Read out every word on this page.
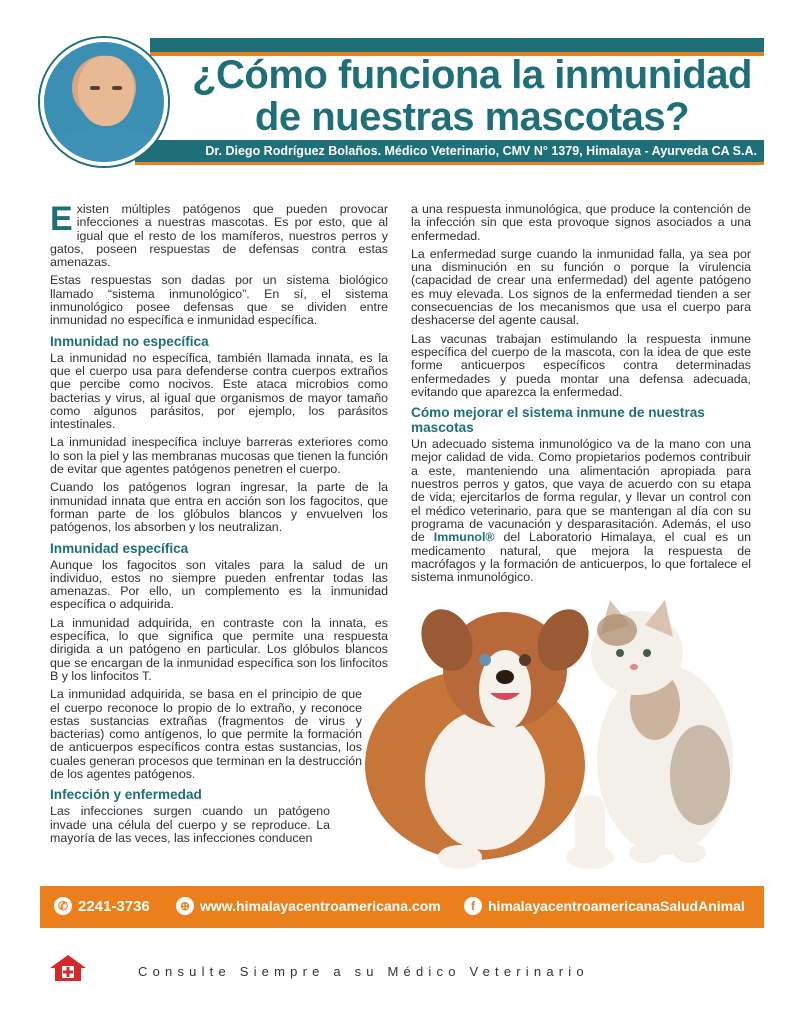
¿Cómo funciona la inmunidad
de nuestras mascotas?
Dr. Diego Rodríguez Bolaños. Médico Veterinario, CMV N° 1379, Himalaya - Ayurveda CA S.A.

Existen múltiples patógenos que pueden provocar infecciones a nuestras mascotas. Es por esto, que al igual que el resto de los mamíferos, nuestros perros y gatos, poseen respuestas de defensas contra estas amenazas.

Estas respuestas son dadas por un sistema biológico llamado “sistema inmunológico”. En sí, el sistema inmunológico posee defensas que se dividen entre inmunidad no específica e inmunidad específica.

Inmunidad no específica

La inmunidad no específica, también llamada innata, es la que el cuerpo usa para defenderse contra cuerpos extraños que percibe como nocivos. Este ataca microbios como bacterias y virus, al igual que organismos de mayor tamaño como algunos parásitos, por ejemplo, los parásitos intestinales.

La inmunidad inespecífica incluye barreras exteriores como lo son la piel y las membranas mucosas que tienen la función de evitar que agentes patógenos penetren el cuerpo.

Cuando los patógenos logran ingresar, la parte de la inmunidad innata que entra en acción son los fagocitos, que forman parte de los glóbulos blancos y envuelven los patógenos, los absorben y los neutralizan.

Inmunidad específica

Aunque los fagocitos son vitales para la salud de un individuo, estos no siempre pueden enfrentar todas las amenazas. Por ello, un complemento es la inmunidad específica o adquirida.

La inmunidad adquirida, en contraste con la innata, es específica, lo que significa que permite una respuesta dirigida a un patógeno en particular. Los glóbulos blancos que se encargan de la inmunidad específica son los linfocitos B y los linfocitos T.

La inmunidad adquirida, se basa en el principio de que el cuerpo reconoce lo propio de lo extraño, y reconoce estas sustancias extrañas (fragmentos de virus y bacterias) como antígenos, lo que permite la formación de anticuerpos específicos contra estas sustancias, los cuales generan procesos que terminan en la destrucción de los agentes patógenos.

Infección y enfermedad

Las infecciones surgen cuando un patógeno invade una célula del cuerpo y se reproduce. La mayoría de las veces, las infecciones conducen

a una respuesta inmunológica, que produce la contención de la infección sin que esta provoque signos asociados a una enfermedad.

La enfermedad surge cuando la inmunidad falla, ya sea por una disminución en su función o porque la virulencia (capacidad de crear una enfermedad) del agente patógeno es muy elevada. Los signos de la enfermedad tienden a ser consecuencias de los mecanismos que usa el cuerpo para deshacerse del agente causal.

Las vacunas trabajan estimulando la respuesta inmune específica del cuerpo de la mascota, con la idea de que este forme anticuerpos específicos contra determinadas enfermedades y pueda montar una defensa adecuada, evitando que aparezca la enfermedad.

Cómo mejorar el sistema inmune de nuestras mascotas

Un adecuado sistema inmunológico va de la mano con una mejor calidad de vida. Como propietarios podemos contribuir a este, manteniendo una alimentación apropiada para nuestros perros y gatos, que vaya de acuerdo con su etapa de vida; ejercitarlos de forma regular, y llevar un control con el médico veterinario, para que se mantengan al día con su programa de vacunación y desparasitación. Además, el uso de Immunol® del Laboratorio Himalaya, el cual es un medicamento natural, que mejora la respuesta de macrófagos y la formación de anticuerpos, lo que fortalece el sistema inmunológico.

✆ 2241-3736	⊕ www.himalayacentroamericana.com	f himalayacentroamericanaSaludAnimal
Consulte Siempre a su Médico Veterinario
